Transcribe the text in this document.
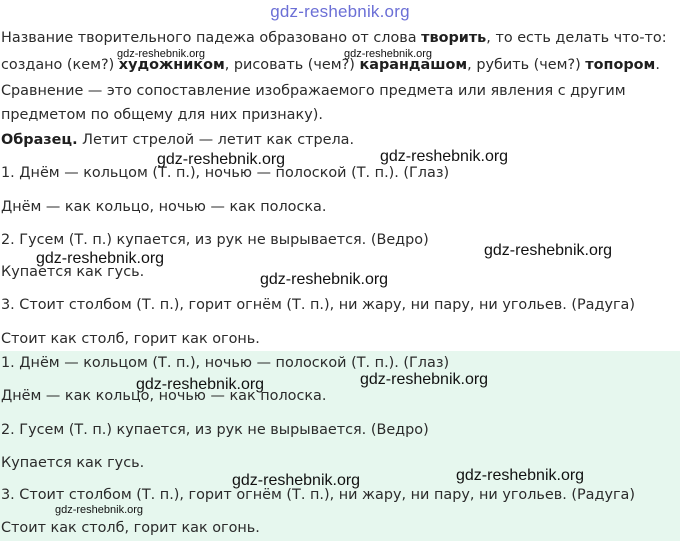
gdz-reshebnik.org
Название творительного падежа образовано от слова творить, то есть делать что-то:
создано (кем?) художником, рисовать (чем?) карандашом, рубить (чем?) топором.
Сравнение — это сопоставление изображаемого предмета или явления с другим
предметом по общему для них признаку).
Образец. Летит стрелой — летит как стрела.
1. Днём — кольцом (Т. п.), ночью — полоской (Т. п.). (Глаз)
Днём — как кольцо, ночью — как полоска.
2. Гусем (Т. п.) купается, из рук не вырывается. (Ведро)
Купается как гусь.
3. Стоит столбом (Т. п.), горит огнём (Т. п.), ни жару, ни пару, ни угольев. (Радуга)
Стоит как столб, горит как огонь.
1. Днём — кольцом (Т. п.), ночью — полоской (Т. п.). (Глаз)
Днём — как кольцо, ночью — как полоска.
2. Гусем (Т. п.) купается, из рук не вырывается. (Ведро)
Купается как гусь.
3. Стоит столбом (Т. п.), горит огнём (Т. п.), ни жару, ни пару, ни угольев. (Радуга)
Стоит как столб, горит как огонь.
gdz-reshebnik.org	gdz-reshebnik.org
gdz-reshebnik.org	gdz-reshebnik.org
gdz-reshebnik.org	gdz-reshebnik.org
gdz-reshebnik.org
gdz-reshebnik.org	gdz-reshebnik.org
gdz-reshebnik.org	gdz-reshebnik.org
gdz-reshebnik.org
